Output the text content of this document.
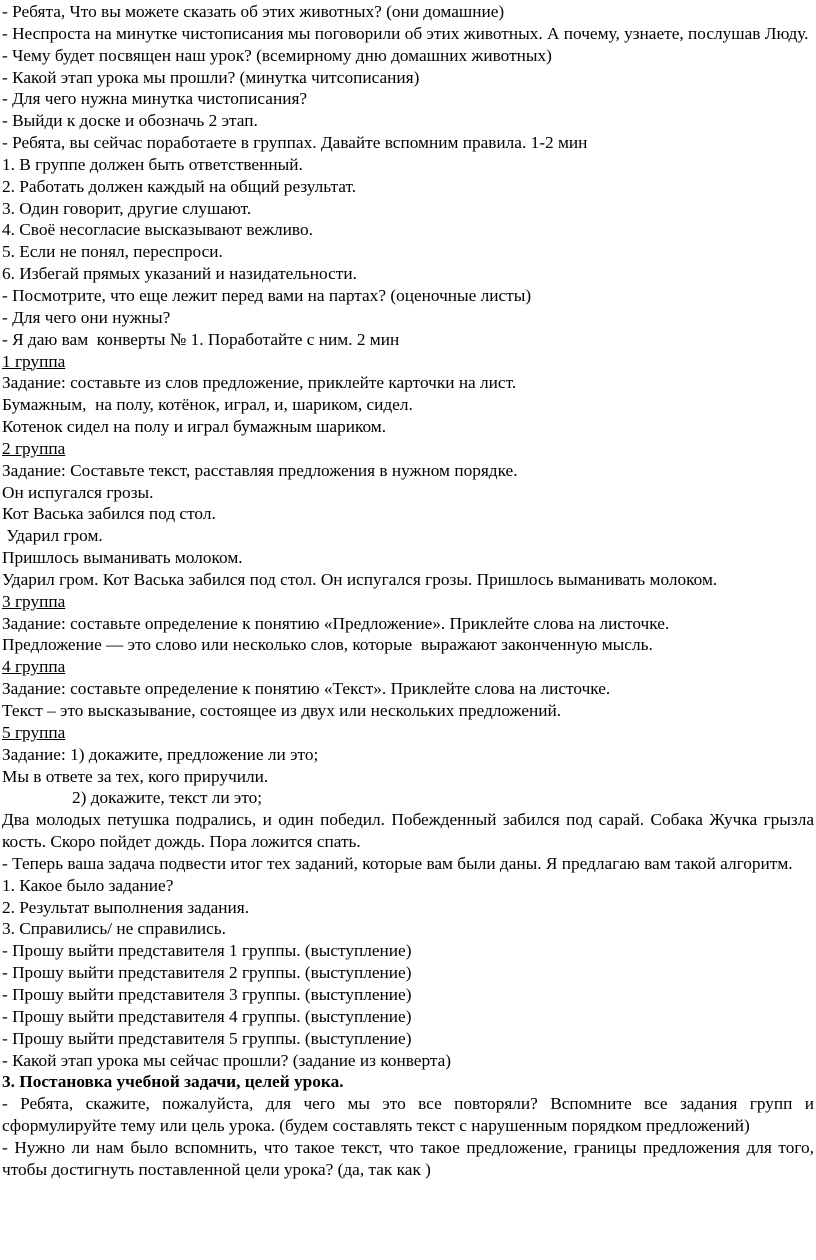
- Ребята, Что вы можете сказать об этих животных? (они домашние)
- Неспроста на минутке чистописания мы поговорили об этих животных. А почему, узнаете, послушав Люду.
- Чему будет посвящен наш урок? (всемирному дню домашних животных)
- Какой этап урока мы прошли? (минутка читсописания)
- Для чего нужна минутка чистописания?
- Выйди к доске и обозначь 2 этап.
- Ребята, вы сейчас поработаете в группах. Давайте вспомним правила. 1-2 мин
1. В группе должен быть ответственный.
2. Работать должен каждый на общий результат.
3. Один говорит, другие слушают.
4. Своё несогласие высказывают вежливо.
5. Если не понял, переспроси.
6. Избегай прямых указаний и назидательности.
- Посмотрите, что еще лежит перед вами на партах? (оценочные листы)
- Для чего они нужны?
- Я даю вам  конверты № 1. Поработайте с ним. 2 мин
1 группа
Задание: составьте из слов предложение, приклейте карточки на лист.
Бумажным,  на полу, котёнок, играл, и, шариком, сидел.
Котенок сидел на полу и играл бумажным шариком.
2 группа
Задание: Составьте текст, расставляя предложения в нужном порядке.
Он испугался грозы.
Кот Васька забился под стол.
Ударил гром.
Пришлось выманивать молоком.
Ударил гром. Кот Васька забился под стол. Он испугался грозы. Пришлось выманивать молоком.
3 группа
Задание: составьте определение к понятию «Предложение». Приклейте слова на листочке.
Предложение — это слово или несколько слов, которые  выражают законченную мысль.
4 группа
Задание: составьте определение к понятию «Текст». Приклейте слова на листочке.
Текст – это высказывание, состоящее из двух или нескольких предложений.
5 группа
Задание: 1) докажите, предложение ли это;
Мы в ответе за тех, кого приручили.
2) докажите, текст ли это;
Два молодых петушка подрались, и один победил. Побежденный забился под сарай. Собака Жучка грызла кость. Скоро пойдет дождь. Пора ложится спать.
- Теперь ваша задача подвести итог тех заданий, которые вам были даны. Я предлагаю вам такой алгоритм.
1. Какое было задание?
2. Результат выполнения задания.
3. Справились/ не справились.
- Прошу выйти представителя 1 группы. (выступление)
- Прошу выйти представителя 2 группы. (выступление)
- Прошу выйти представителя 3 группы. (выступление)
- Прошу выйти представителя 4 группы. (выступление)
- Прошу выйти представителя 5 группы. (выступление)
- Какой этап урока мы сейчас прошли? (задание из конверта)
3. Постановка учебной задачи, целей урока.
- Ребята, скажите, пожалуйста, для чего мы это все повторяли? Вспомните все задания групп и сформулируйте тему или цель урока. (будем составлять текст с нарушенным порядком предложений)
- Нужно ли нам было вспомнить, что такое текст, что такое предложение, границы предложения для того, чтобы достигнуть поставленной цели урока? (да, так как )
